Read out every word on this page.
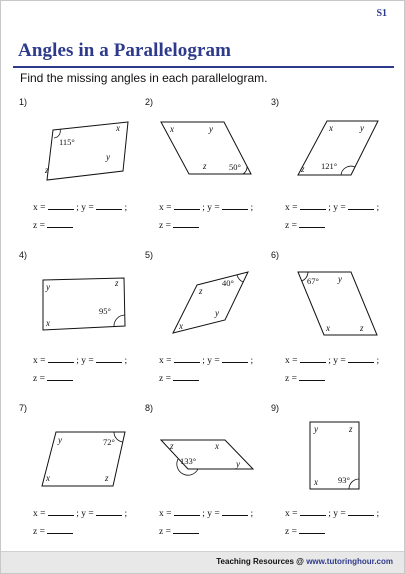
S1
Angles in a Parallelogram
Find the missing angles in each parallelogram.
1)
115°
x
y
z
x =	; y =	;
z =
2)
50°
x	y
z
x =	; y =	;
z =
3)
121°
x	y
z
x =	; y =	;
z =
4)
95°
y	z
x
x =	; y =	;
z =
5)
40°
z
y
x
x =	; y =	;
z =
6)
67° y
x	z
x =	; y =	;
z =
7)
72°
y
x	z
x =	; y =	;
z =
8)
133°
z	x
y
x =	; y =	;
z =
9)
93°
y	z
x
x =	; y =	;
z =
Teaching Resources @ www.tutoringhour.com
